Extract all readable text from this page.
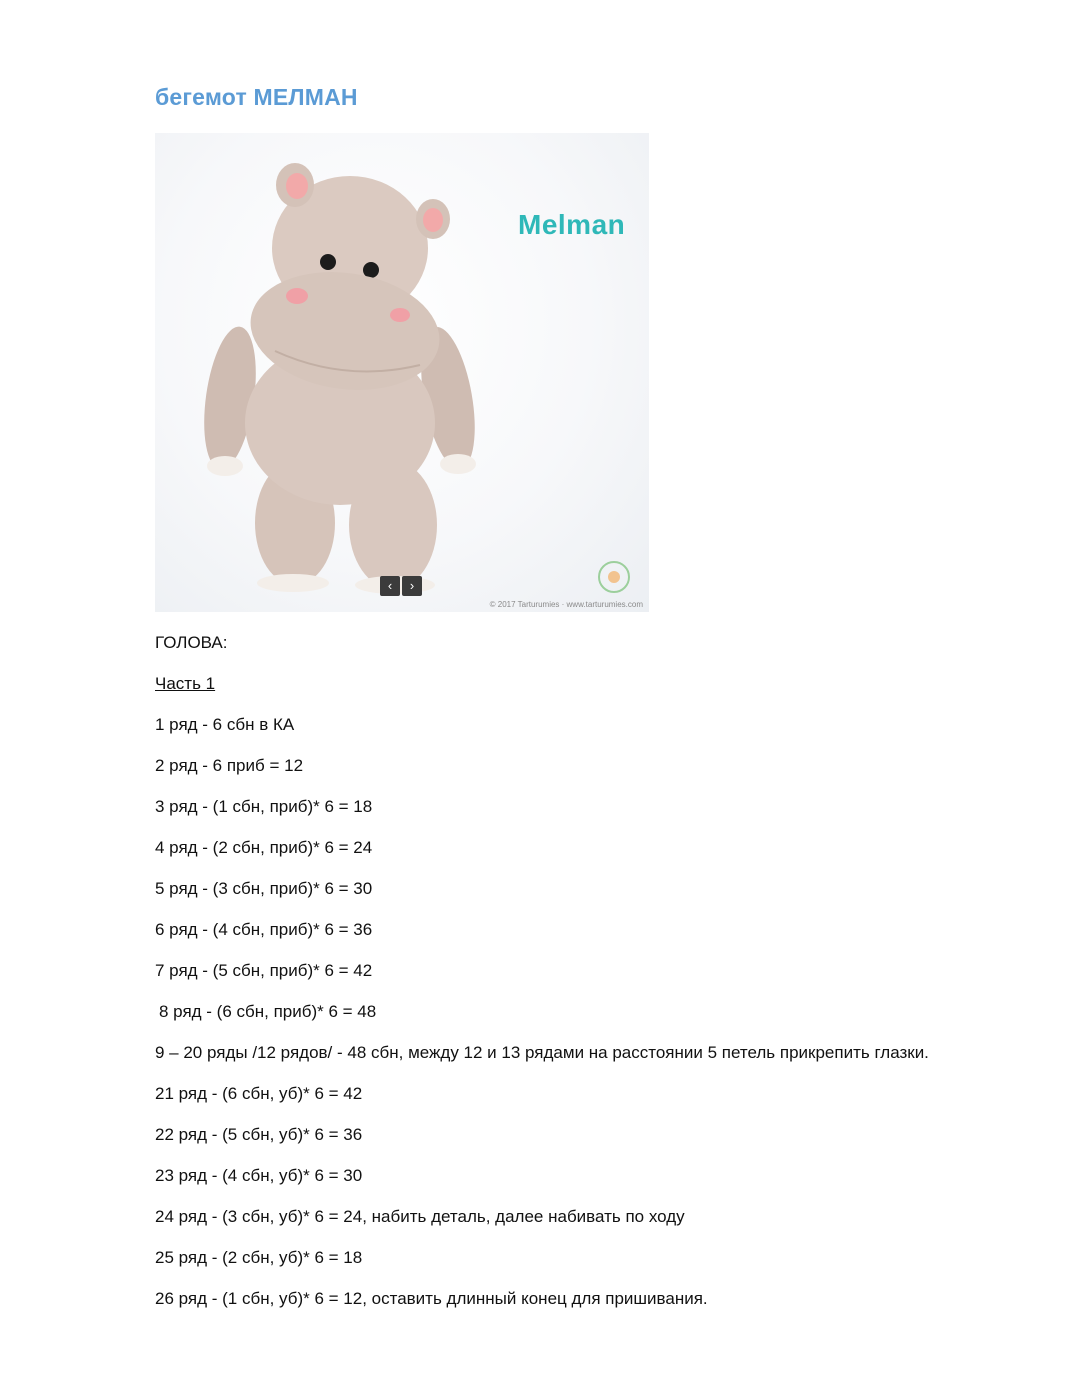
бегемот МЕЛМАН
Melman
‹	›
© 2017 Tarturumies · www.tarturumies.com
ГОЛОВА:
Часть 1
1 ряд - 6 сбн в КА
2 ряд - 6 приб = 12
3 ряд - (1 сбн, приб)* 6 = 18
4 ряд - (2 сбн, приб)* 6 = 24
5 ряд - (3 сбн, приб)* 6 = 30
6 ряд - (4 сбн, приб)* 6 = 36
7 ряд - (5 сбн, приб)* 6 = 42
8 ряд - (6 сбн, приб)* 6 = 48
9 – 20 ряды /12 рядов/ - 48 сбн, между 12 и 13 рядами на расстоянии 5 петель прикрепить глазки.
21 ряд - (6 сбн, уб)* 6 = 42
22 ряд - (5 сбн, уб)* 6 = 36
23 ряд - (4 сбн, уб)* 6 = 30
24 ряд - (3 сбн, уб)* 6 = 24, набить деталь, далее набивать по ходу
25 ряд - (2 сбн, уб)* 6 = 18
26 ряд - (1 сбн, уб)* 6 = 12, оставить длинный конец для пришивания.
